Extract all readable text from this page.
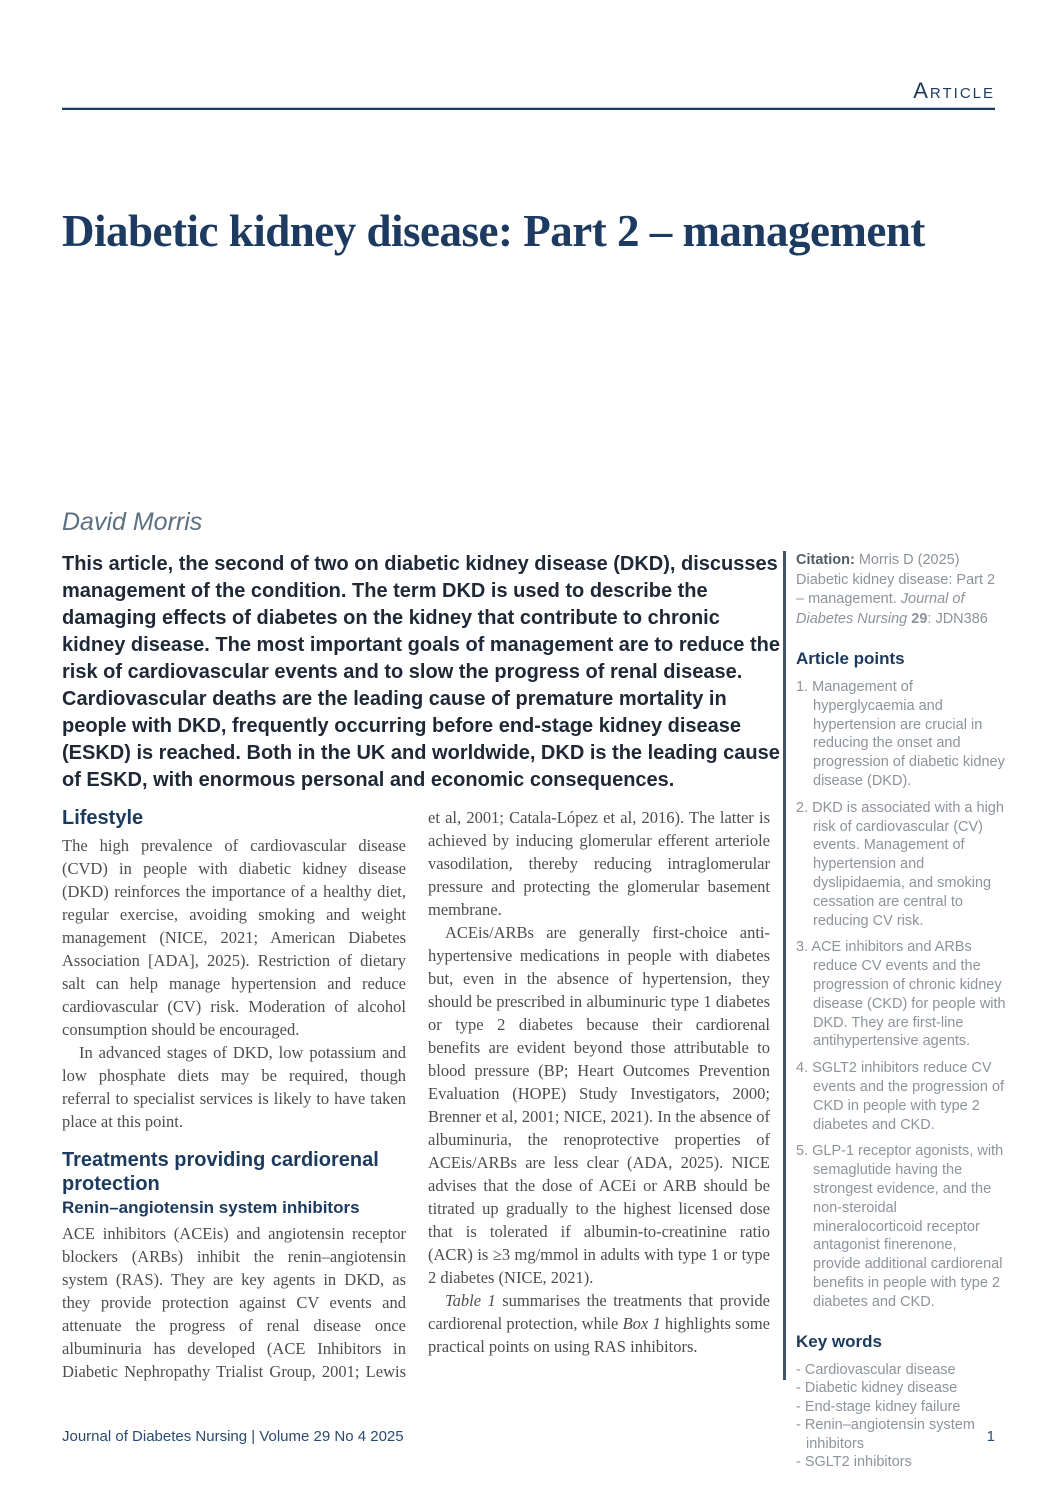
Article
Diabetic kidney disease: Part 2 – management
David Morris

This article, the second of two on diabetic kidney disease (DKD), discusses management of the condition. The term DKD is used to describe the damaging effects of diabetes on the kidney that contribute to chronic kidney disease. The most important goals of management are to reduce the risk of cardiovascular events and to slow the progress of renal disease. Cardiovascular deaths are the leading cause of premature mortality in people with DKD, frequently occurring before end-stage kidney disease (ESKD) is reached. Both in the UK and worldwide, DKD is the leading cause of ESKD, with enormous personal and economic consequences.

Lifestyle

The high prevalence of cardiovascular disease (CVD) in people with diabetic kidney disease (DKD) reinforces the importance of a healthy diet, regular exercise, avoiding smoking and weight management (NICE, 2021; American Diabetes Association [ADA], 2025). Restriction of dietary salt can help manage hypertension and reduce cardiovascular (CV) risk. Moderation of alcohol consumption should be encouraged.

In advanced stages of DKD, low potassium and low phosphate diets may be required, though referral to specialist services is likely to have taken place at this point.

Treatments providing cardiorenal protection
Renin–angiotensin system inhibitors

ACE inhibitors (ACEis) and angiotensin receptor blockers (ARBs) inhibit the renin–angiotensin system (RAS). They are key agents in DKD, as they provide protection against CV events and attenuate the progress of renal disease once albuminuria has developed (ACE Inhibitors in Diabetic Nephropathy Trialist Group, 2001; Lewis

et al, 2001; Catala-López et al, 2016). The latter is achieved by inducing glomerular efferent arteriole vasodilation, thereby reducing intraglomerular pressure and protecting the glomerular basement membrane.

ACEis/ARBs are generally first-choice anti-hypertensive medications in people with diabetes but, even in the absence of hypertension, they should be prescribed in albuminuric type 1 diabetes or type 2 diabetes because their cardiorenal benefits are evident beyond those attributable to blood pressure (BP; Heart Outcomes Prevention Evaluation (HOPE) Study Investigators, 2000; Brenner et al, 2001; NICE, 2021). In the absence of albuminuria, the renoprotective properties of ACEis/ARBs are less clear (ADA, 2025). NICE advises that the dose of ACEi or ARB should be titrated up gradually to the highest licensed dose that is tolerated if albumin-to-creatinine ratio (ACR) is ≥3 mg/mmol in adults with type 1 or type 2 diabetes (NICE, 2021).

Table 1 summarises the treatments that provide cardiorenal protection, while Box 1 highlights some practical points on using RAS inhibitors.

Citation: Morris D (2025) Diabetic kidney disease: Part 2 – management. Journal of Diabetes Nursing 29: JDN386

Article points
1. Management of hyperglycaemia and hypertension are crucial in reducing the onset and progression of diabetic kidney disease (DKD).
2. DKD is associated with a high risk of cardiovascular (CV) events. Management of hypertension and dyslipidaemia, and smoking cessation are central to reducing CV risk.
3. ACE inhibitors and ARBs reduce CV events and the progression of chronic kidney disease (CKD) for people with DKD. They are first-line antihypertensive agents.
4. SGLT2 inhibitors reduce CV events and the progression of CKD in people with type 2 diabetes and CKD.
5. GLP-1 receptor agonists, with semaglutide having the strongest evidence, and the non-steroidal mineralocorticoid receptor antagonist finerenone, provide additional cardiorenal benefits in people with type 2 diabetes and CKD.
Key words
- Cardiovascular disease
- Diabetic kidney disease
- End-stage kidney failure
- Renin–angiotensin system inhibitors
- SGLT2 inhibitors
Journal of Diabetes Nursing | Volume 29 No 4 2025	1
